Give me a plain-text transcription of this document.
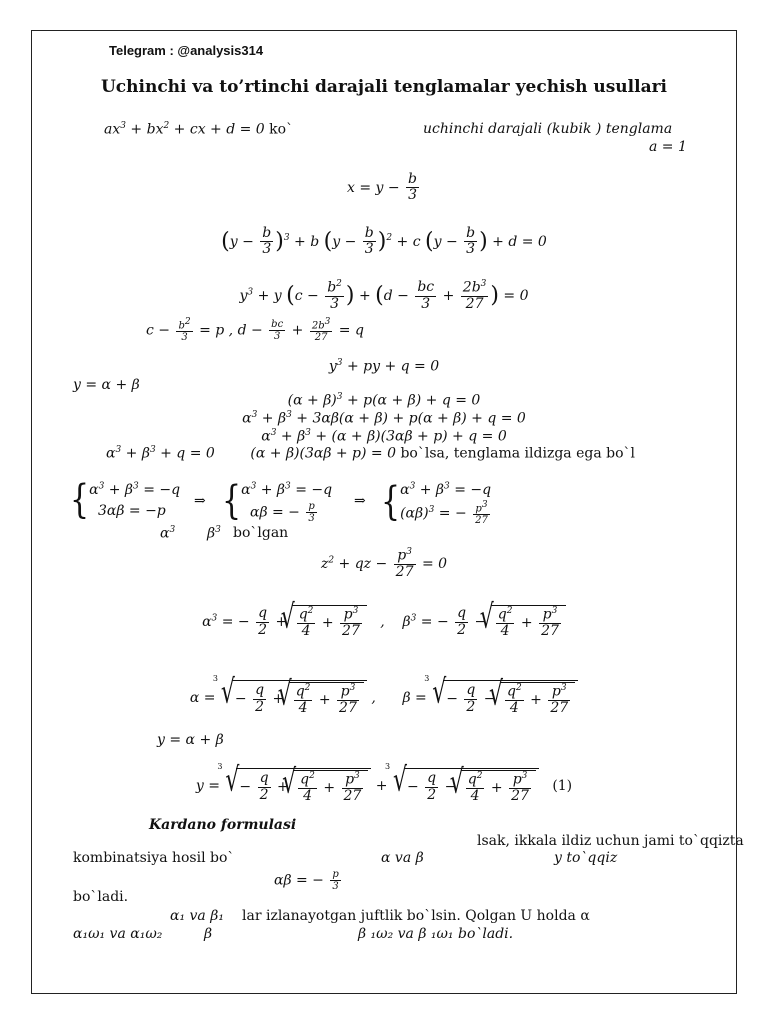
Telegram : @analysis314
Uchinchi va to’rtinchi darajali tenglamalar yechish usullari
$ax^3 + bx^2$ + cx + d = 0 ko`	uchinchi darajali (kubik ) tenglama
a = 1
$x = y - \frac{b}{3}$
$(y - \frac{b}{3} )^3 + b$ $(y - \frac{b}{3} )^2 + c$ ($y - \frac{b}{3}$ ) + d = 0
$y^3 + y$ ($c - \frac{b^2}{3}$ ) + ($d - \frac{bc}{3} + \frac{2b^3}{27}$ ) = 0
$c - \frac{b^2}{3} = p$ , $d - \frac{bc}{3} + \frac{2b^3}{27} = q$
$y^3$ + py + q = 0
y = α + β
$(\alpha + \beta)^3 + p(\alpha + \beta) + q = 0$
$\alpha^3 + \beta^3 + 3\alpha\beta(\alpha + \beta) + p(\alpha + \beta) + q = 0$
$\alpha^3 + \beta^3 + (\alpha + \beta)(3\alpha\beta + p) + q = 0$
$\alpha^3 + \beta^3 + q = 0$        (α + β)(3αβ + p) = 0 bo`lsa, tenglama ildizga ega bo`l
{$\alpha^3 + \beta^3 = -q$
3αβ = −p
⇒ {$\alpha^3 + \beta^3 = -q$
αβ = − $\frac{p}{3}$	⇒ {$\alpha^3 + \beta^3 = -q$
$(\alpha\beta)^3$ = − $\frac{p^3}{27}$
$\alpha^3$ $\beta^3$ bo`lgan
$z^2$ + qz − $\frac{p^3}{27} = 0$
$\alpha^3$ = − $\frac{q}{2}$ + √ $\frac{q^2}{4} + \frac{p^3}{27}$ ,    $\beta^3$ = − $\frac{q}{2}$ − √ $\frac{q^2}{4} + \frac{p^3}{27}$
α =
√ 3
− $\frac{q}{2}$ + √ $\frac{q^2}{4} + \frac{p^3}{27}$ ,      β =
√ 3
− $\frac{q}{2}$ − √ $\frac{q^2}{4} + \frac{p^3}{27}$
y = α + β
y =
√ 3
− $\frac{q}{2}$ + √ $\frac{q^2}{4} + \frac{p^3}{27}$ +
√ 3
− $\frac{q}{2}$ − √ $\frac{q^2}{4} + \frac{p^3}{27} (1)$
Kardano formulasi
lsak, ikkala ildiz uchun jami to`qqizta
kombinatsiya hosil bo`	α va β	y to`qqiz
αβ = − $\frac{p}{3}$
bo`ladi.
α₁ va β₁ lar izlanayotgan juftlik bo`lsin. Qolgan U holda α
α₁ω₁ va α₁ω₂	β	β ₁ω₂ va β ₁ω₁ bo`ladi.
